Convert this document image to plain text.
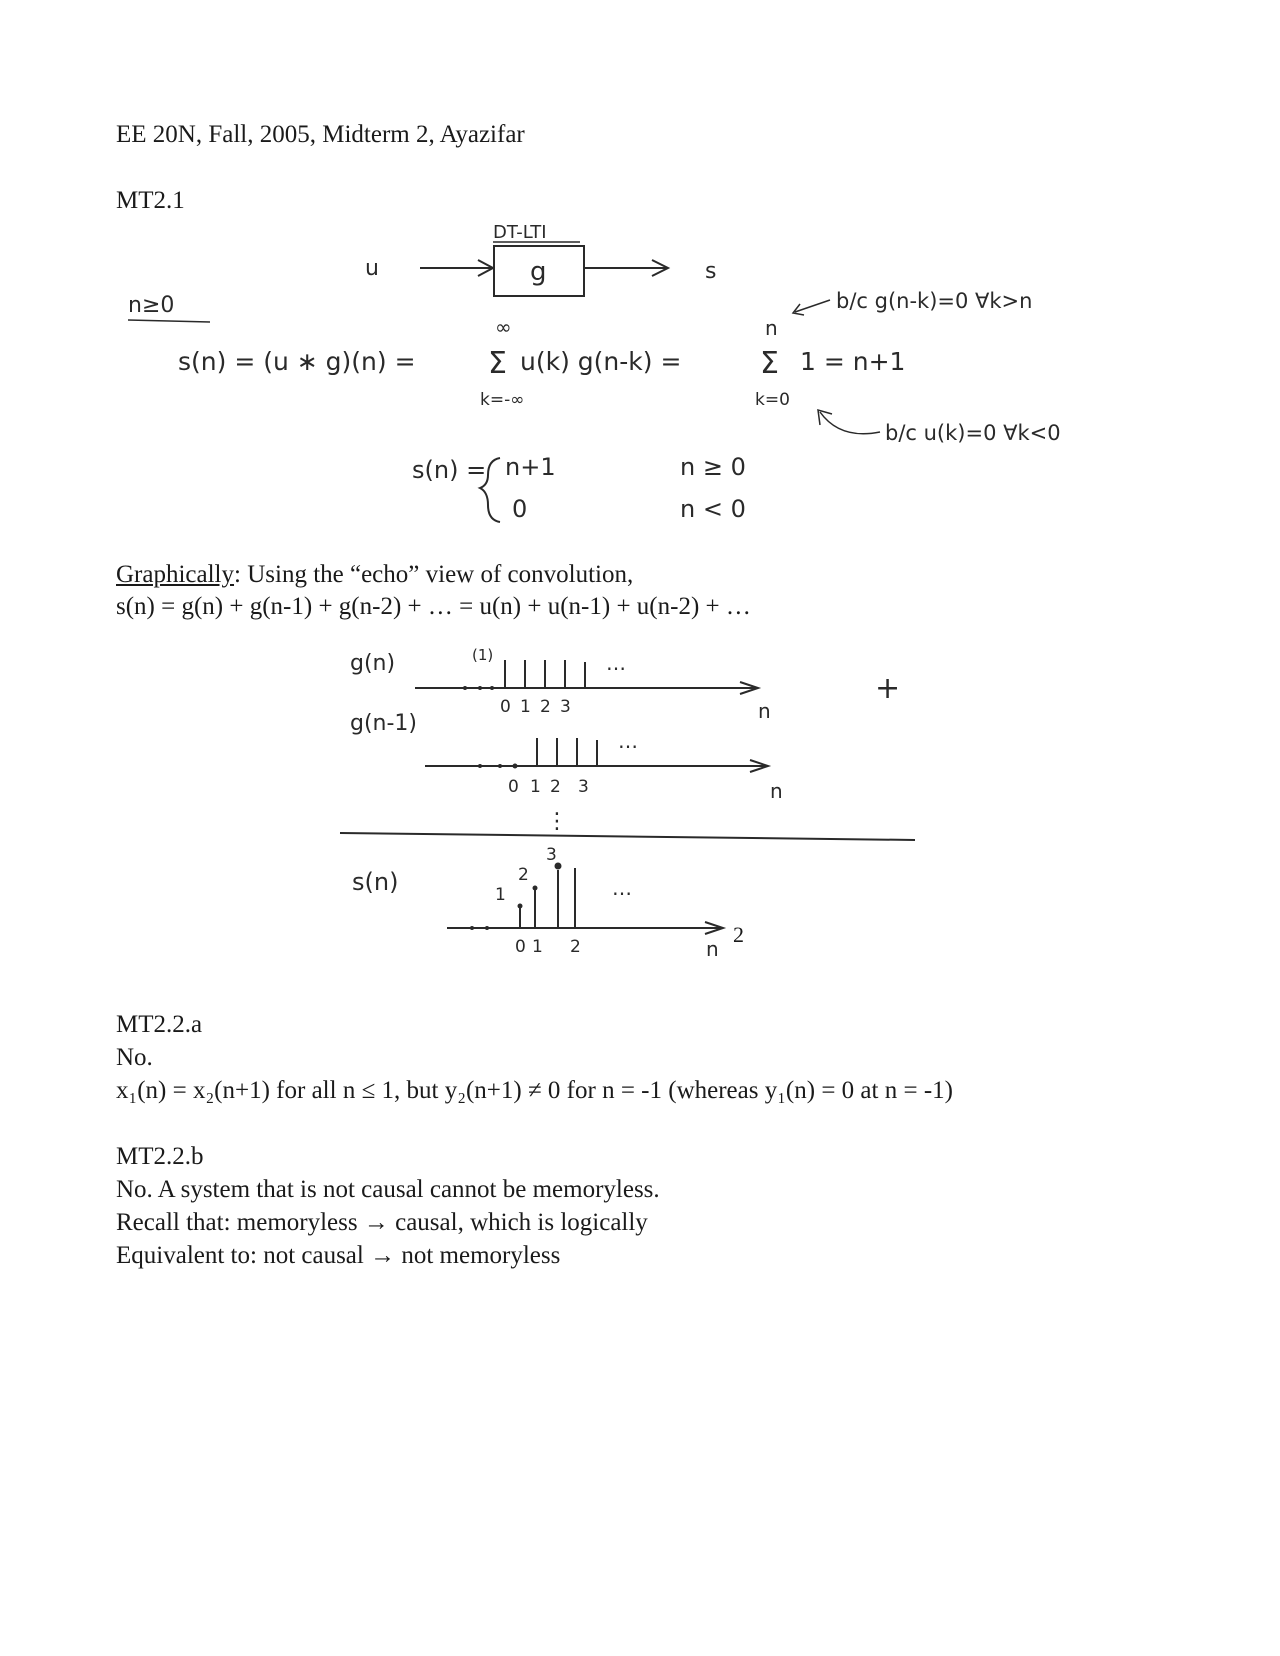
EE 20N, Fall, 2005, Midterm 2, Ayazifar
MT2.1
DT-LTI
u	g	s
n≥0
s(n) = (u ∗ g)(n) =
∞
Σ
k=-∞
u(k) g(n-k) =
n
Σ
k=0
1 = n+1
b/c g(n-k)=0 ∀k>n
b/c u(k)=0 ∀k<0
s(n) = n+1	n ≥ 0
0	n < 0
Graphically: Using the “echo” view of convolution,
s(n) = g(n) + g(n-1) + g(n-2) + … = u(n) + u(n-1) + u(n-2) + …
g(n)	(1)	…
0 1 2 3	n
+
g(n-1)
…
0 1 2 3	n
⋮
s(n)	1
2
3
…
0 1 2	n
2
MT2.2.a
No.
x₁(n) = x₂(n+1) for all n ≤ 1, but y₂(n+1) ≠ 0 for n = -1 (whereas y₁(n) = 0 at n = -1)
MT2.2.b
No. A system that is not causal cannot be memoryless.
Recall that: memoryless → causal, which is logically
Equivalent to: not causal → not memoryless
